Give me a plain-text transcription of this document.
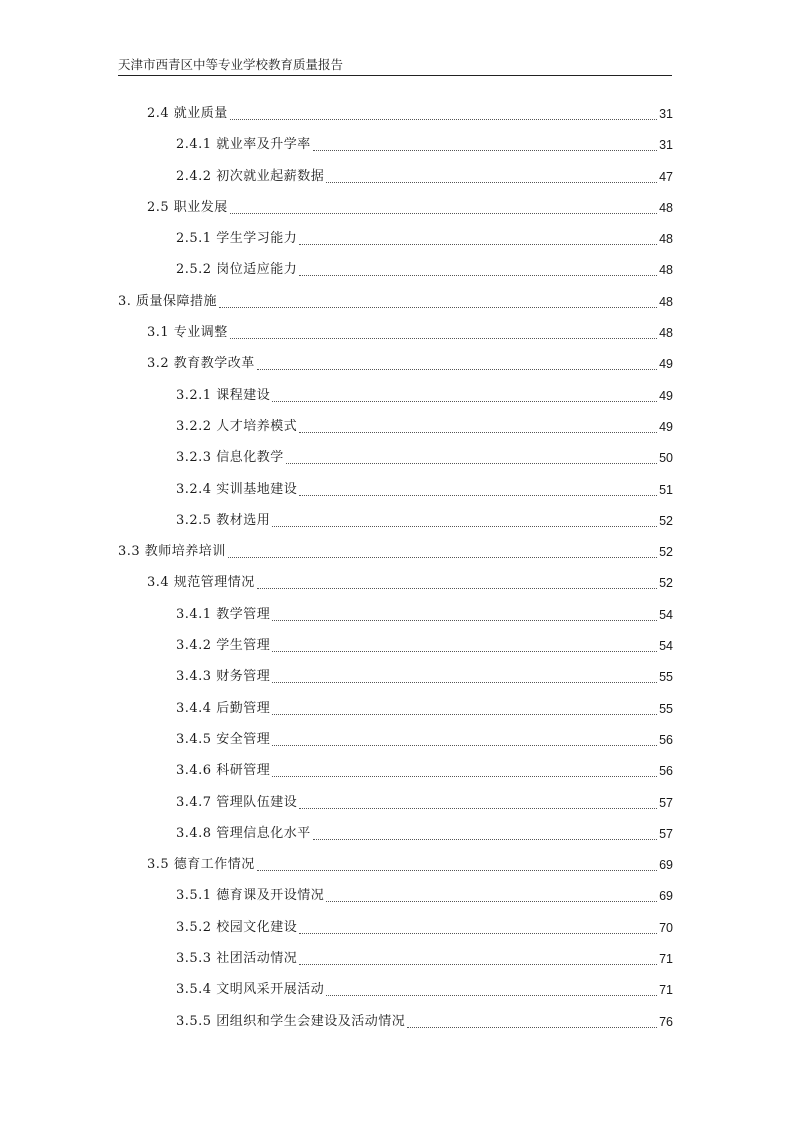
天津市西青区中等专业学校教育质量报告
2.4 就业质量	31
2.4.1 就业率及升学率	31
2.4.2 初次就业起薪数据	47
2.5 职业发展	48
2.5.1 学生学习能力	48
2.5.2 岗位适应能力	48
3. 质量保障措施	48
3.1 专业调整	48
3.2 教育教学改革	49
3.2.1 课程建设	49
3.2.2 人才培养模式	49
3.2.3 信息化教学	50
3.2.4 实训基地建设	51
3.2.5 教材选用	52
3.3 教师培养培训	52
3.4 规范管理情况	52
3.4.1 教学管理	54
3.4.2 学生管理	54
3.4.3 财务管理	55
3.4.4 后勤管理	55
3.4.5 安全管理	56
3.4.6 科研管理	56
3.4.7 管理队伍建设	57
3.4.8 管理信息化水平	57
3.5 德育工作情况	69
3.5.1 德育课及开设情况	69
3.5.2 校园文化建设	70
3.5.3 社团活动情况	71
3.5.4 文明风采开展活动	71
3.5.5 团组织和学生会建设及活动情况	76
